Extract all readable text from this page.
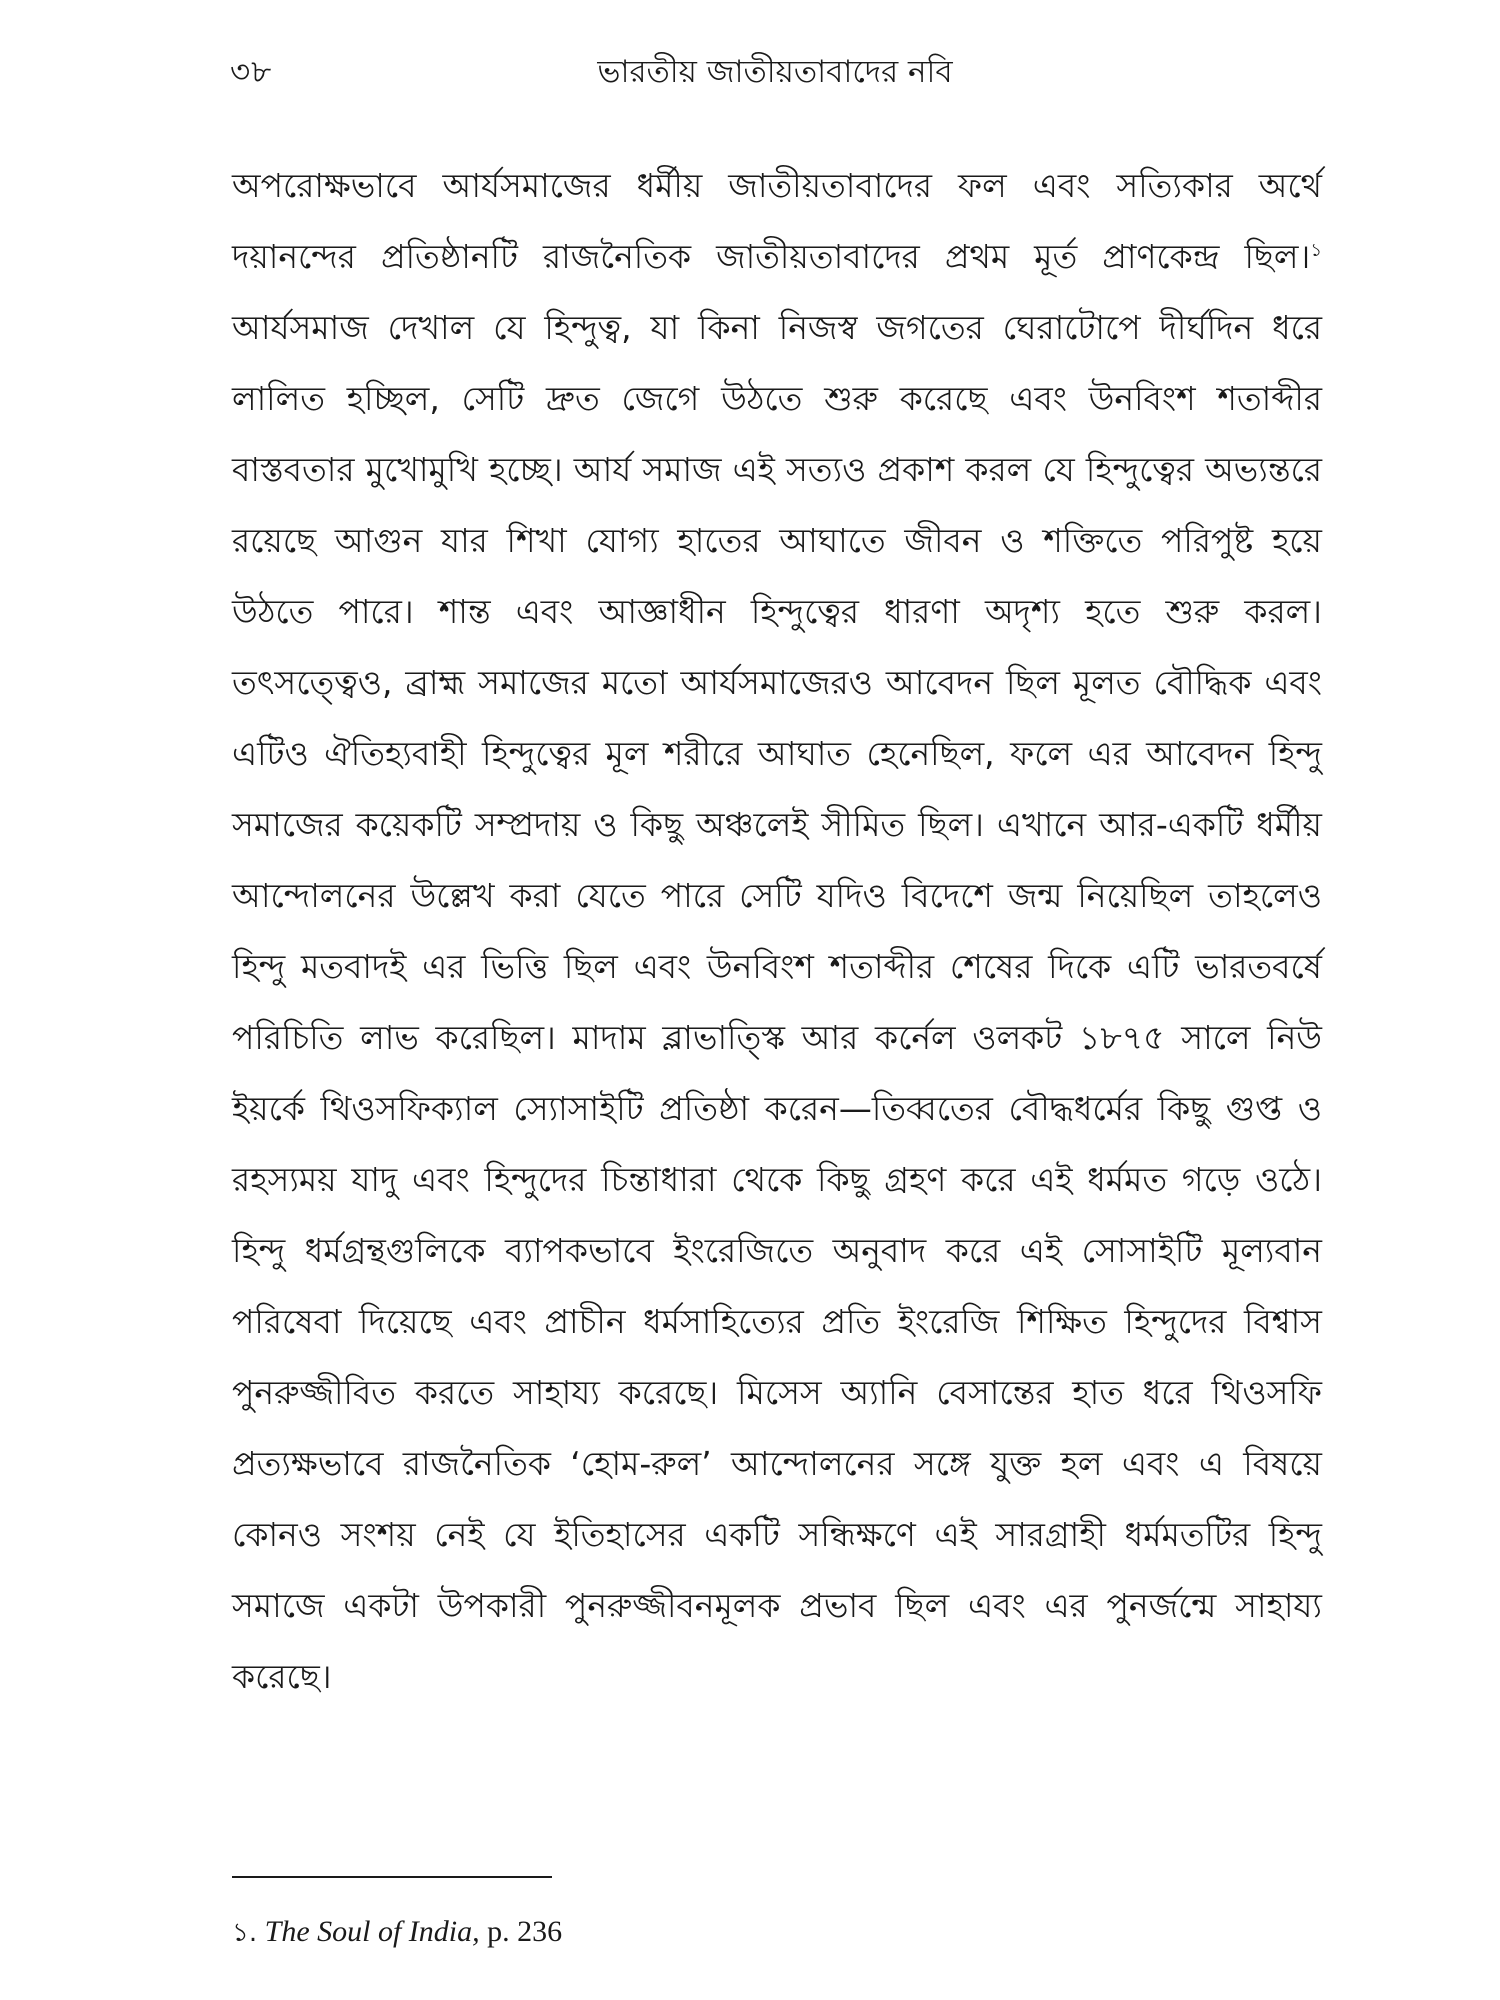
৩৮	ভারতীয় জাতীয়তাবাদের নবি

অপরোক্ষভাবে আর্যসমাজের ধর্মীয় জাতীয়তাবাদের ফল এবং সত্যিকার অর্থে দয়ানন্দের প্রতিষ্ঠানটি রাজনৈতিক জাতীয়তাবাদের প্রথম মূর্ত প্রাণকেন্দ্র ছিল।$^১$ আর্যসমাজ দেখাল যে হিন্দুত্ব, যা কিনা নিজস্ব জগতের ঘেরাটোপে দীর্ঘদিন ধরে লালিত হচ্ছিল, সেটি দ্রুত জেগে উঠতে শুরু করেছে এবং উনবিংশ শতাব্দীর বাস্তবতার মুখোমুখি হচ্ছে। আর্য সমাজ এই সত্যও প্রকাশ করল যে হিন্দুত্বের অভ্যন্তরে রয়েছে আগুন যার শিখা যোগ্য হাতের আঘাতে জীবন ও শক্তিতে পরিপুষ্ট হয়ে উঠতে পারে। শান্ত এবং আজ্ঞাধীন হিন্দুত্বের ধারণা অদৃশ্য হতে শুরু করল। তৎসত্ত্বেও, ব্রাহ্ম সমাজের মতো আর্যসমাজেরও আবেদন ছিল মূলত বৌদ্ধিক এবং এটিও ঐতিহ্যবাহী হিন্দুত্বের মূল শরীরে আঘাত হেনেছিল, ফলে এর আবেদন হিন্দু সমাজের কয়েকটি সম্প্রদায় ও কিছু অঞ্চলেই সীমিত ছিল। এখানে আর-একটি ধর্মীয় আন্দোলনের উল্লেখ করা যেতে পারে সেটি যদিও বিদেশে জন্ম নিয়েছিল তাহলেও হিন্দু মতবাদই এর ভিত্তি ছিল এবং উনবিংশ শতাব্দীর শেষের দিকে এটি ভারতবর্ষে পরিচিতি লাভ করেছিল। মাদাম ব্লাভাত্স্কি আর কর্নেল ওলকট ১৮৭৫ সালে নিউ ইয়র্কে থিওসফিক্যাল স্যোসাইটি প্রতিষ্ঠা করেন—তিব্বতের বৌদ্ধধর্মের কিছু গুপ্ত ও রহস্যময় যাদু এবং হিন্দুদের চিন্তাধারা থেকে কিছু গ্রহণ করে এই ধর্মমত গড়ে ওঠে। হিন্দু ধর্মগ্রন্থগুলিকে ব্যাপকভাবে ইংরেজিতে অনুবাদ করে এই সোসাইটি মূল্যবান পরিষেবা দিয়েছে এবং প্রাচীন ধর্মসাহিত্যের প্রতি ইংরেজি শিক্ষিত হিন্দুদের বিশ্বাস পুনরুজ্জীবিত করতে সাহায্য করেছে। মিসেস অ্যানি বেসান্তের হাত ধরে থিওসফি প্রত্যক্ষভাবে রাজনৈতিক ‘হোম-রুল’ আন্দোলনের সঙ্গে যুক্ত হল এবং এ বিষয়ে কোনও সংশয় নেই যে ইতিহাসের একটি সন্ধিক্ষণে এই সারগ্রাহী ধর্মমতটির হিন্দু সমাজে একটা উপকারী পুনরুজ্জীবনমূলক প্রভাব ছিল এবং এর পুনর্জন্মে সাহায্য করেছে।

১. The Soul of India, p. 236
